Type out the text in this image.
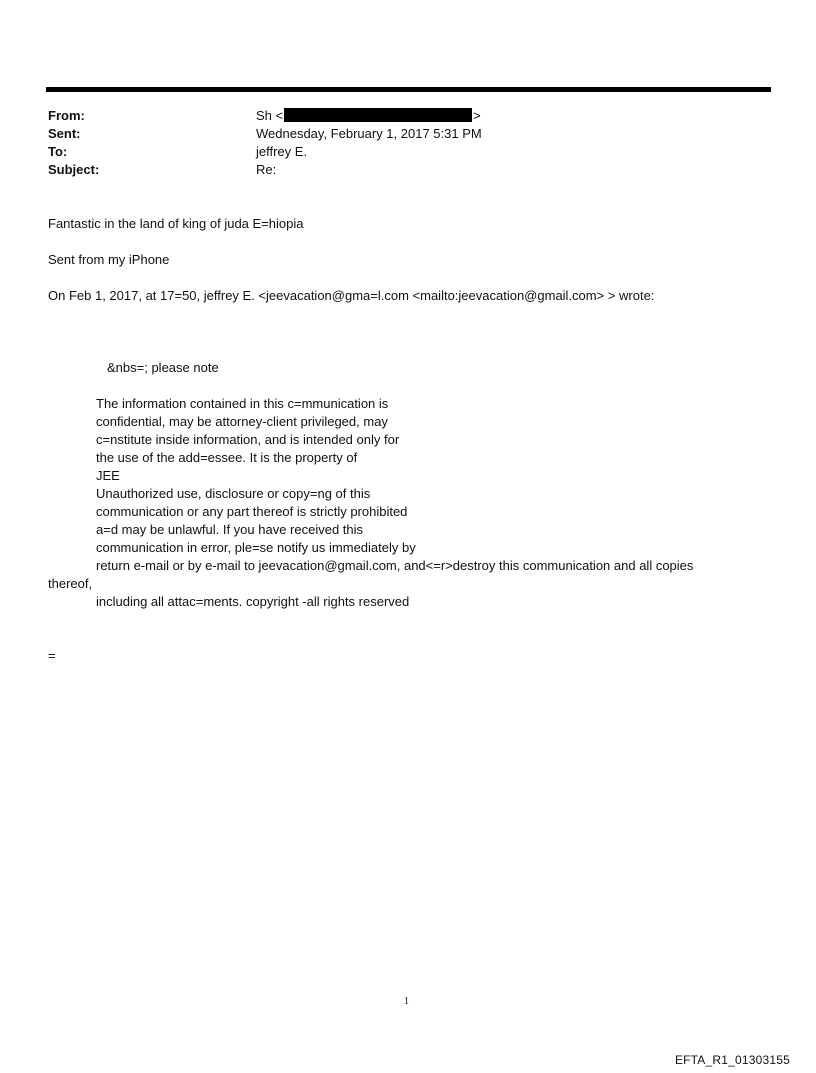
From:	Sh <	>
Sent:	Wednesday, February 1, 2017 5:31 PM
To:	jeffrey E.
Subject:	Re:
Fantastic in the land of king of juda E=hiopia
Sent from my iPhone
On Feb 1, 2017, at 17=50, jeffrey E. <jeevacation@gma=l.com <mailto:jeevacation@gmail.com> > wrote:
&nbs=; please note
The information contained in this c=mmunication is
confidential, may be attorney-client privileged, may
c=nstitute inside information, and is intended only for
the use of the add=essee. It is the property of
JEE
Unauthorized use, disclosure or copy=ng of this
communication or any part thereof is strictly prohibited
a=d may be unlawful. If you have received this
communication in error, ple=se notify us immediately by
return e-mail or by e-mail to jeevacation@gmail.com, and<=r>destroy this communication and all copies
thereof,
including all attac=ments. copyright -all rights reserved
=
1
EFTA_R1_01303155
